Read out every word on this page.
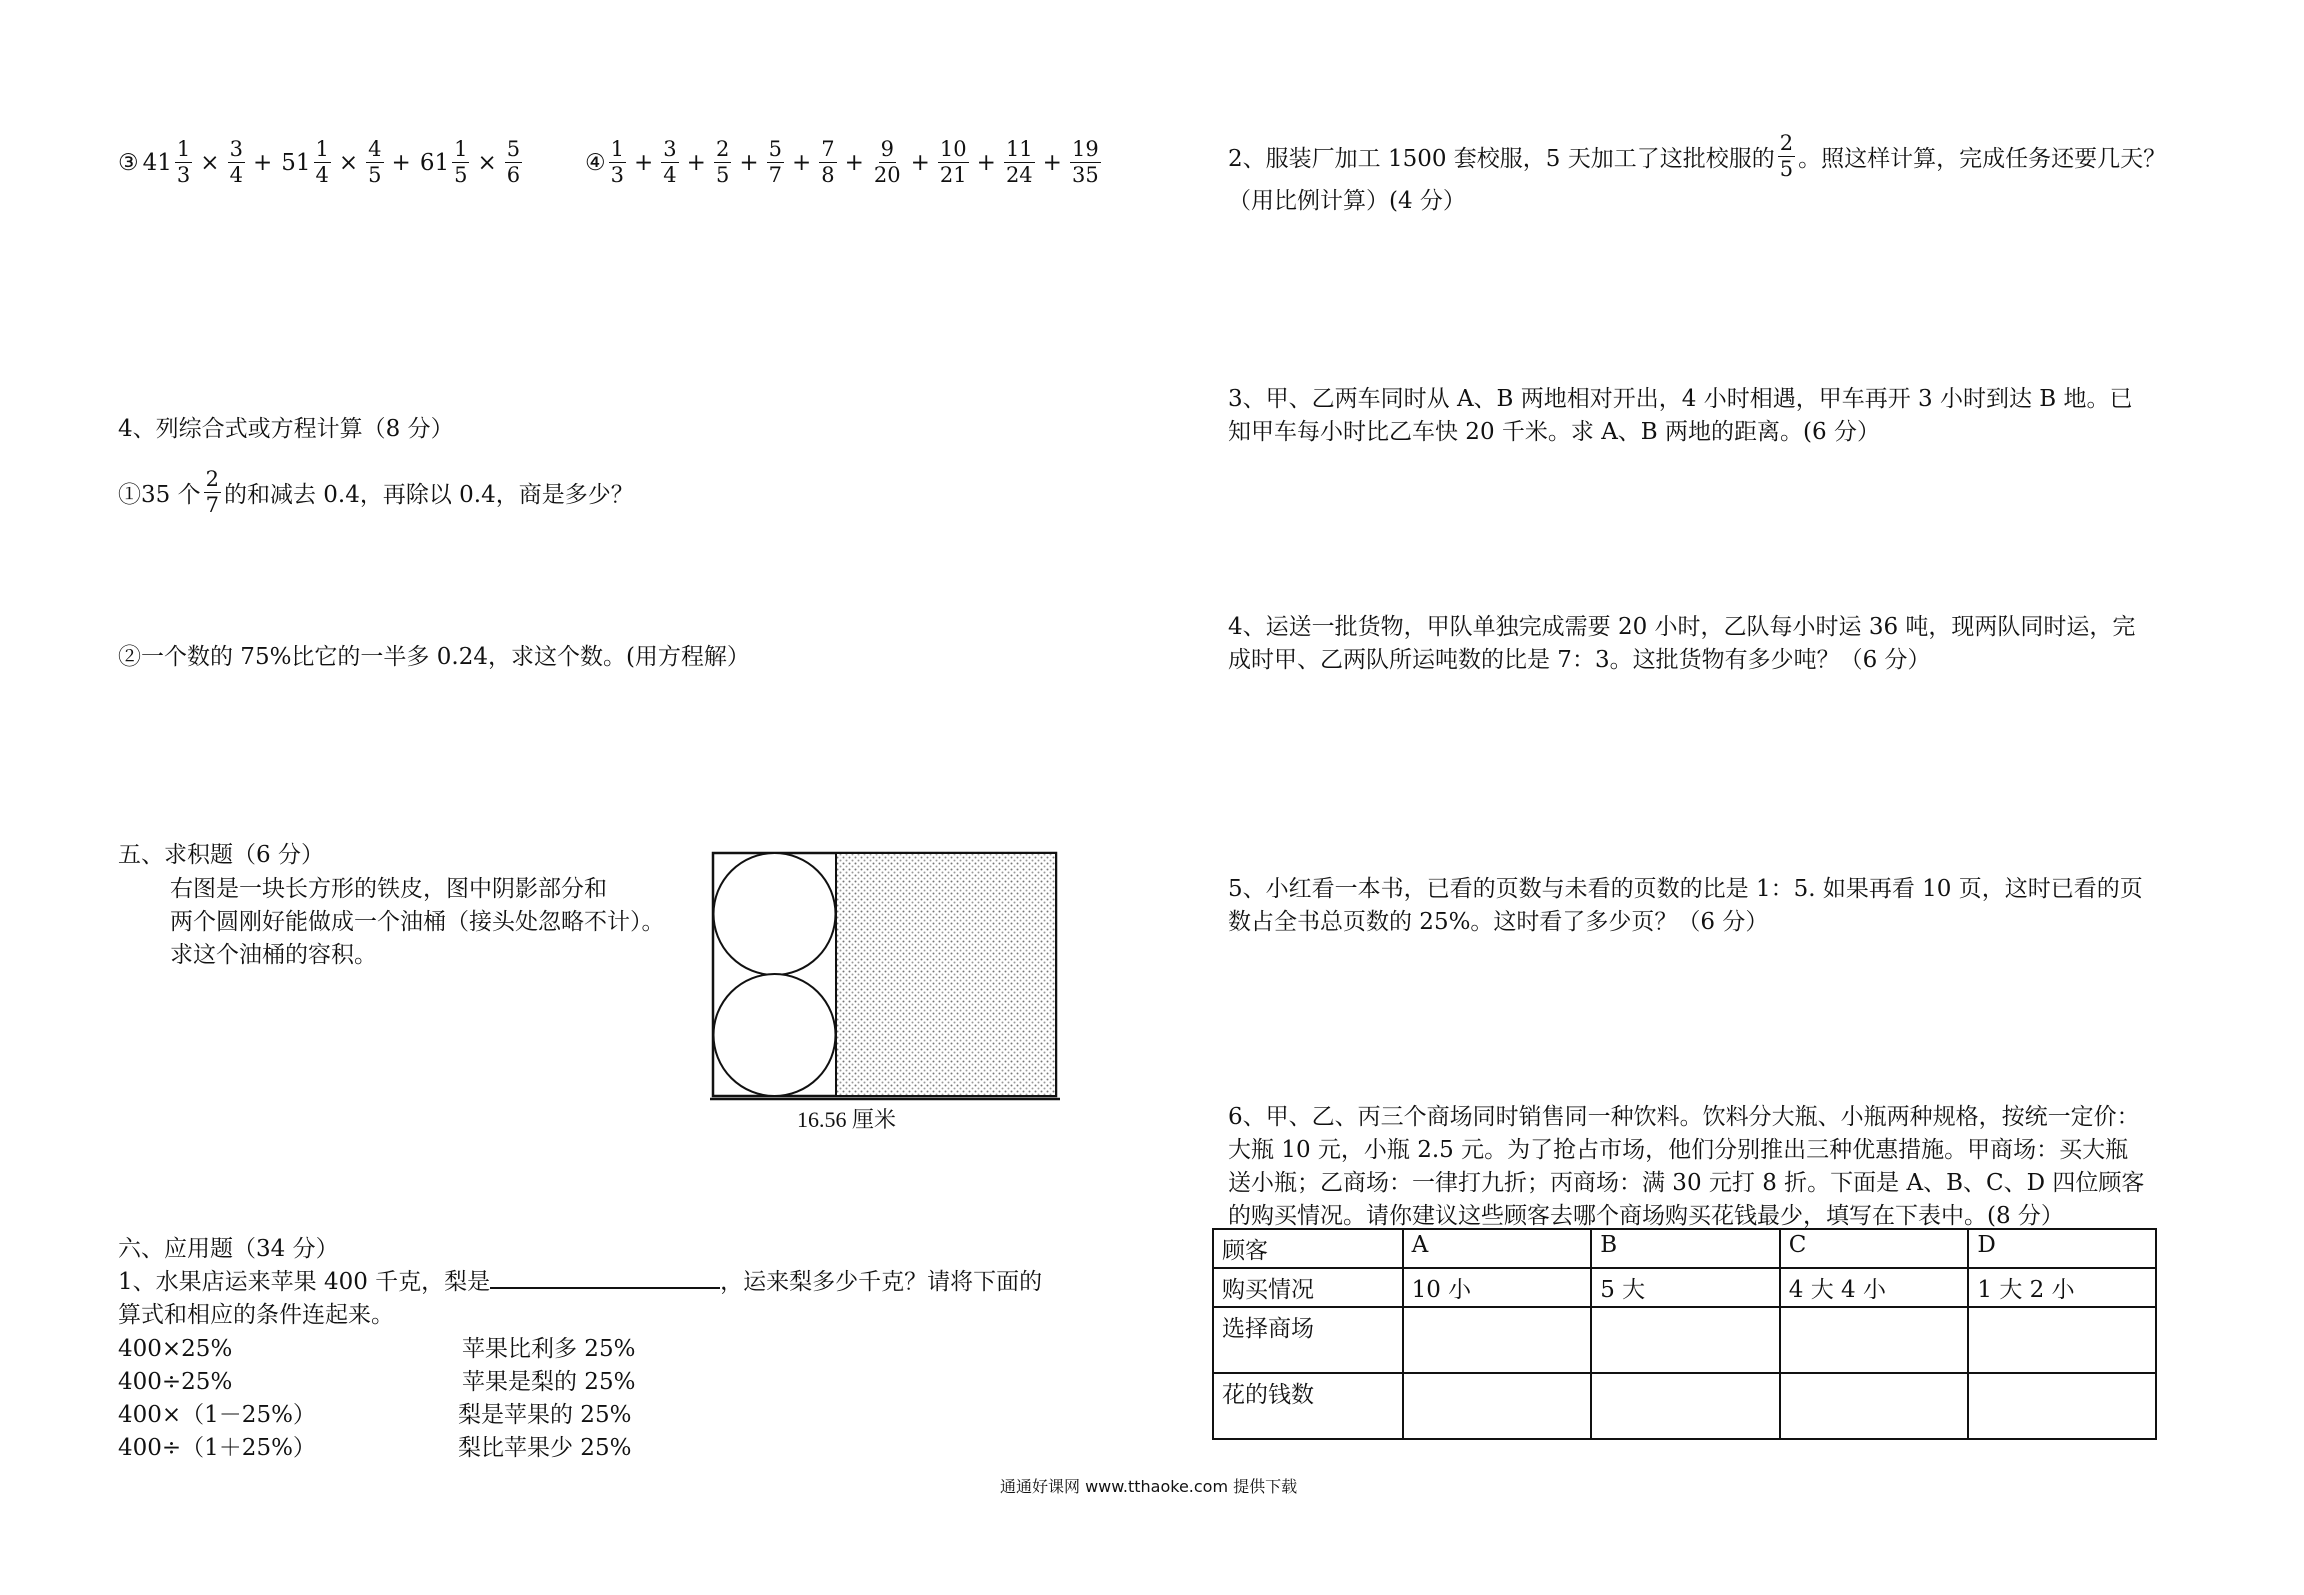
③ $41 \frac{1}{3} \times \frac{3}{4} + 51 \frac{1}{4} \times \frac{4}{5} + 61 \frac{1}{5} \times \frac{5}{6}$	④ $\frac{1}{3} + \frac{3}{4} + \frac{2}{5} + \frac{5}{7} + \frac{7}{8} + \frac{9}{20} + \frac{10}{21} + \frac{11}{24} + \frac{19}{35}$
4、列综合式或方程计算（8 分）
①35 个 $\frac{2}{7}$ 的和减去 0.4，再除以 0.4，商是多少？
②一个数的 75%比它的一半多 0.24，求这个数。(用方程解）
五、求积题（6 分）
右图是一块长方形的铁皮，图中阴影部分和
两个圆刚好能做成一个油桶（接头处忽略不计）。
求这个油桶的容积。
16.56 厘米
六、应用题（34 分）
1、水果店运来苹果 400 千克，梨是	，运来梨多少千克？请将下面的
算式和相应的条件连起来。
400×25%
400÷25%
400×（1－25%）
400÷（1＋25%）
苹果比利多 25%
苹果是梨的 25%
梨是苹果的 25%
梨比苹果少 25%
2、服装厂加工 1500 套校服，5 天加工了这批校服的 $\frac{2}{5}$ 。照这样计算，完成任务还要几天？
（用比例计算）(4 分）
3、甲、乙两车同时从 A、B 两地相对开出，4 小时相遇，甲车再开 3 小时到达 B 地。已
知甲车每小时比乙车快 20 千米。求 A、B 两地的距离。(6 分）
4、运送一批货物，甲队单独完成需要 20 小时，乙队每小时运 36 吨，现两队同时运，完
成时甲、乙两队所运吨数的比是 7：3。这批货物有多少吨？（6 分）
5、小红看一本书，已看的页数与未看的页数的比是 1：5. 如果再看 10 页，这时已看的页
数占全书总页数的 25%。这时看了多少页？（6 分）
6、甲、乙、丙三个商场同时销售同一种饮料。饮料分大瓶、小瓶两种规格，按统一定价：
大瓶 10 元，小瓶 2.5 元。为了抢占市场，他们分别推出三种优惠措施。甲商场：买大瓶
送小瓶；乙商场：一律打九折；丙商场：满 30 元打 8 折。下面是 A、B、C、D 四位顾客
的购买情况。请你建议这些顾客去哪个商场购买花钱最少，填写在下表中。(8 分）
顾客	A	B	C	D
购买情况	10 小	5 大	4 大 4 小	1 大 2 小
选择商场				
花的钱数				
通通好课网 www.tthaoke.com 提供下载
